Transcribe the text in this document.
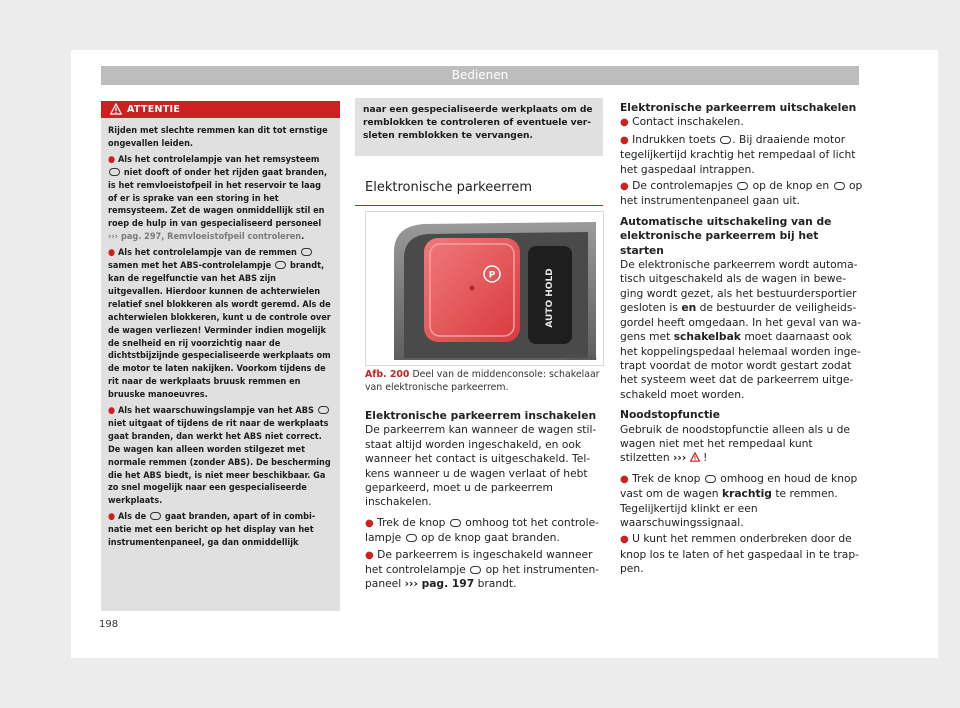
Bedienen
ATTENTIE

Rijden met slechte remmen kan dit tot ernstige ongevallen leiden.

● Als het controlelampje van het remsysteem  niet dooft of onder het rijden gaat branden, is het remvloeistofpeil in het reservoir te laag of er is sprake van een storing in het remsysteem. Zet de wagen onmiddellijk stil en roep de hulp in van gespecialiseerd personeel ››› pag. 297, Remvloeistofpeil controleren.

● Als het controlelampje van de remmen  samen met het ABS-controlelampje brandt, kan de regelfunctie van het ABS zijn uitgevallen. Hierdoor kunnen de achterwielen relatief snel blokkeren als wordt geremd. Als de achterwielen blokkeren, kunt u de controle over de wagen verliezen! Verminder indien mogelijk de snelheid en rij voorzichtig naar de dichtstbijzijnde gespecialiseerde werkplaats om de motor te laten nakijken. Voorkom tijdens de rit naar de werkplaats bruusk remmen en bruuske manoeuvres.

● Als het waarschuwingslampje van het ABS  niet uitgaat of tijdens de rit naar de werkplaats gaat branden, dan werkt het ABS niet correct. De wagen kan alleen worden stilgezet met normale remmen (zonder ABS). De bescherming die het ABS biedt, is niet meer beschikbaar. Ga zo snel mogelijk naar een gespecialiseerde werkplaats.

● Als de gaat branden, apart of in combinatie met een bericht op het display van het instrumentenpaneel, ga dan onmiddellijk

naar een gespecialiseerde werkplaats om de remblokken te controleren of eventuele versleten remblokken te vervangen.
Elektronische parkeerrem
AUTO HOLD
P
B7V-0745
Afb. 200 Deel van de middenconsole: schakelaar van elektronische parkeerrem.
Elektronische parkeerrem inschakelen

De parkeerrem kan wanneer de wagen stilstaat altijd worden ingeschakeld, en ook wanneer het contact is uitgeschakeld. Telkens wanneer u de wagen verlaat of hebt geparkeerd, moet u de parkeerrem inschakelen.

● Trek de knop omhoog tot het controlelampje op de knop gaat branden.

● De parkeerrem is ingeschakeld wanneer het controlelampje op het instrumentenpaneel ››› pag. 197 brandt.

Elektronische parkeerrem uitschakelen

● Contact inschakelen.

● Indrukken toets . Bij draaiende motor tegelijkertijd krachtig het rempedaal of licht het gaspedaal intrappen.

● De controlemapjes op de knop en op het instrumentenpaneel gaan uit.

Automatische uitschakeling van de elektronische parkeerrem bij het starten

De elektronische parkeerrem wordt automatisch uitgeschakeld als de wagen in beweging wordt gezet, als het bestuurdersportier gesloten is en de bestuurder de veiligheidsgordel heeft omgedaan. In het geval van wagens met schakelbak moet daarnaast ook het koppelingspedaal helemaal worden ingetrapt voordat de motor wordt gestart zodat het systeem weet dat de parkeerrem uitgeschakeld moet worden.

Noodstopfunctie

Gebruik de noodstopfunctie alleen als u de wagen niet met het rempedaal kunt stilzetten ››› !

● Trek de knop omhoog en houd de knop vast om de wagen krachtig te remmen. Tegelijkertijd klinkt er een waarschuwingssignaal.

● U kunt het remmen onderbreken door de knop los te laten of het gaspedaal in te trappen.

198
